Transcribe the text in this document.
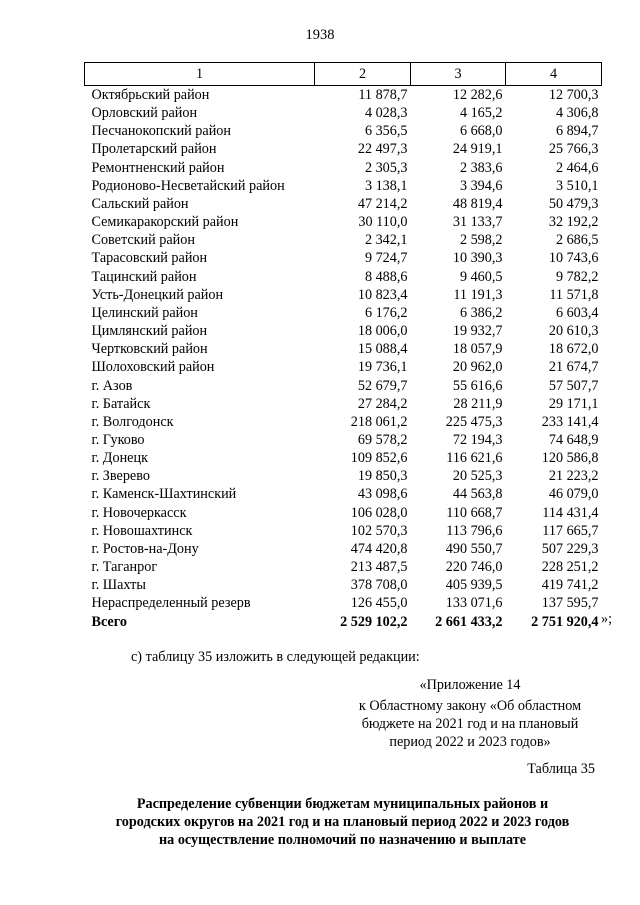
1938
1	2	3	4
Октябрьский район	11 878,7	12 282,6	12 700,3
Орловский район	4 028,3	4 165,2	4 306,8
Песчанокопский район	6 356,5	6 668,0	6 894,7
Пролетарский район	22 497,3	24 919,1	25 766,3
Ремонтненский район	2 305,3	2 383,6	2 464,6
Родионово-Несветайский район	3 138,1	3 394,6	3 510,1
Сальский район	47 214,2	48 819,4	50 479,3
Семикаракорский район	30 110,0	31 133,7	32 192,2
Советский район	2 342,1	2 598,2	2 686,5
Тарасовский район	9 724,7	10 390,3	10 743,6
Тацинский район	8 488,6	9 460,5	9 782,2
Усть-Донецкий район	10 823,4	11 191,3	11 571,8
Целинский район	6 176,2	6 386,2	6 603,4
Цимлянский район	18 006,0	19 932,7	20 610,3
Чертковский район	15 088,4	18 057,9	18 672,0
Шолоховский район	19 736,1	20 962,0	21 674,7
г. Азов	52 679,7	55 616,6	57 507,7
г. Батайск	27 284,2	28 211,9	29 171,1
г. Волгодонск	218 061,2	225 475,3	233 141,4
г. Гуково	69 578,2	72 194,3	74 648,9
г. Донецк	109 852,6	116 621,6	120 586,8
г. Зверево	19 850,3	20 525,3	21 223,2
г. Каменск-Шахтинский	43 098,6	44 563,8	46 079,0
г. Новочеркасск	106 028,0	110 668,7	114 431,4
г. Новошахтинск	102 570,3	113 796,6	117 665,7
г. Ростов-на-Дону	474 420,8	490 550,7	507 229,3
г. Таганрог	213 487,5	220 746,0	228 251,2
г. Шахты	378 708,0	405 939,5	419 741,2
Нераспределенный резерв	126 455,0	133 071,6	137 595,7
Всего	2 529 102,2	2 661 433,2	2 751 920,4 »;
с) таблицу 35 изложить в следующей редакции:
«Приложение 14
к Областному закону «Об областном
бюджете на 2021 год и на плановый
период 2022 и 2023 годов»
Таблица 35
Распределение субвенции бюджетам муниципальных районов и
городских округов на 2021 год и на плановый период 2022 и 2023 годов
на осуществление полномочий по назначению и выплате
